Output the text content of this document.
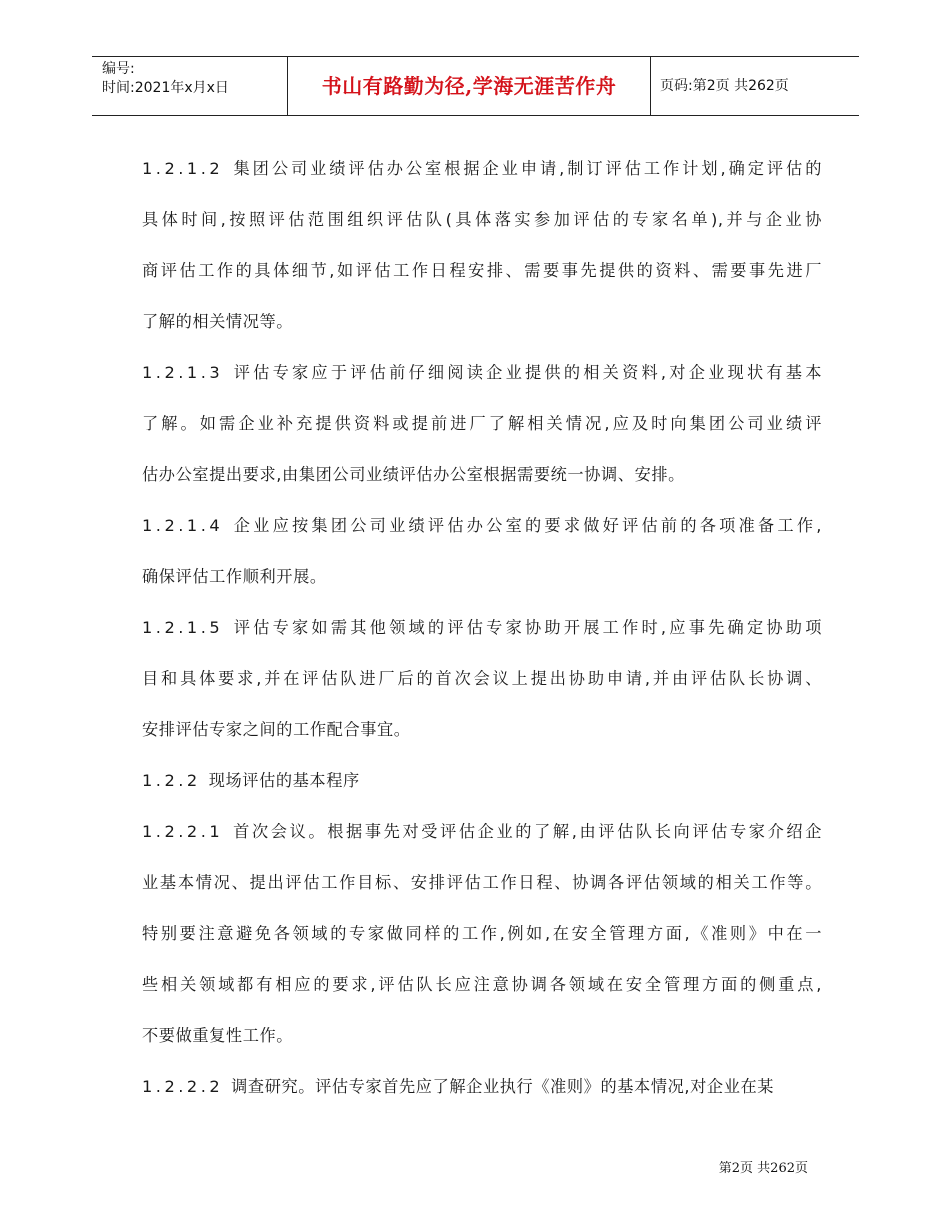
编号:
时间:2021年x月x日	书山有路勤为径,学海无涯苦作舟	页码:第2页 共262页
1.2.1.2 集团公司业绩评估办公室根据企业申请,制订评估工作计划,确定评估的
具体时间,按照评估范围组织评估队(具体落实参加评估的专家名单),并与企业协
商评估工作的具体细节,如评估工作日程安排、需要事先提供的资料、需要事先进厂
了解的相关情况等。
1.2.1.3 评估专家应于评估前仔细阅读企业提供的相关资料,对企业现状有基本
了解。如需企业补充提供资料或提前进厂了解相关情况,应及时向集团公司业绩评
估办公室提出要求,由集团公司业绩评估办公室根据需要统一协调、安排。
1.2.1.4 企业应按集团公司业绩评估办公室的要求做好评估前的各项准备工作,
确保评估工作顺利开展。
1.2.1.5 评估专家如需其他领域的评估专家协助开展工作时,应事先确定协助项
目和具体要求,并在评估队进厂后的首次会议上提出协助申请,并由评估队长协调、
安排评估专家之间的工作配合事宜。
1.2.2 现场评估的基本程序
1.2.2.1 首次会议。根据事先对受评估企业的了解,由评估队长向评估专家介绍企
业基本情况、提出评估工作目标、安排评估工作日程、协调各评估领域的相关工作等。
特别要注意避免各领域的专家做同样的工作,例如,在安全管理方面,《准则》中在一
些相关领域都有相应的要求,评估队长应注意协调各领域在安全管理方面的侧重点,
不要做重复性工作。
1.2.2.2 调查研究。评估专家首先应了解企业执行《准则》的基本情况,对企业在某
第2页 共262页
